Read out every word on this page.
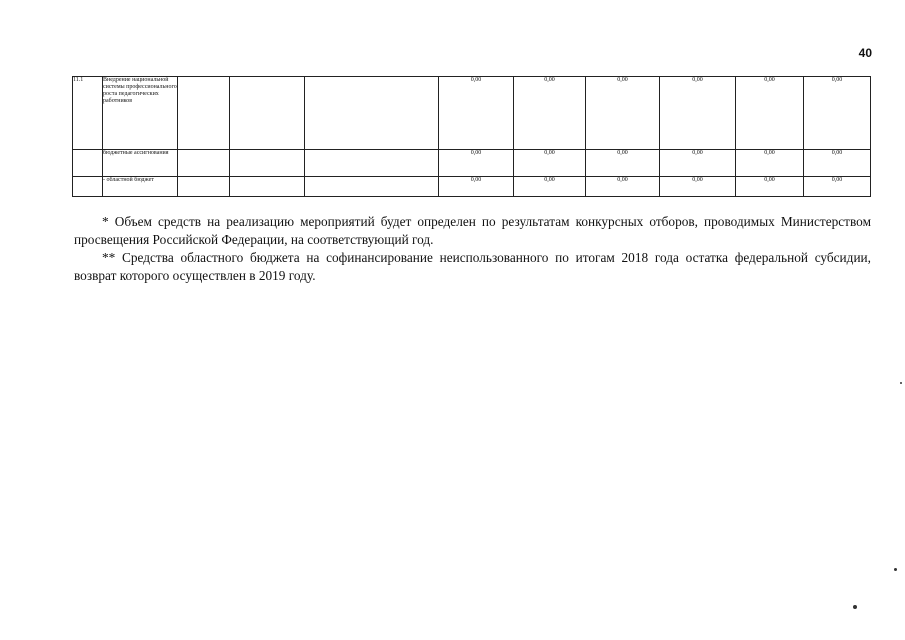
40
11.1	Внедрение национальной системы профессионального роста педагогических работников				0,00	0,00	0,00	0,00	0,00	0,00
	бюджетные ассигнования				0,00	0,00	0,00	0,00	0,00	0,00
	- областной бюджет				0,00	0,00	0,00	0,00	0,00	0,00

* Объем средств на реализацию мероприятий будет определен по результатам конкурсных отборов, проводимых Министерством просвещения Российской Федерации, на соответствующий год.

** Средства областного бюджета на софинансирование неиспользованного по итогам 2018 года остатка федеральной субсидии, возврат которого осуществлен в 2019 году.
